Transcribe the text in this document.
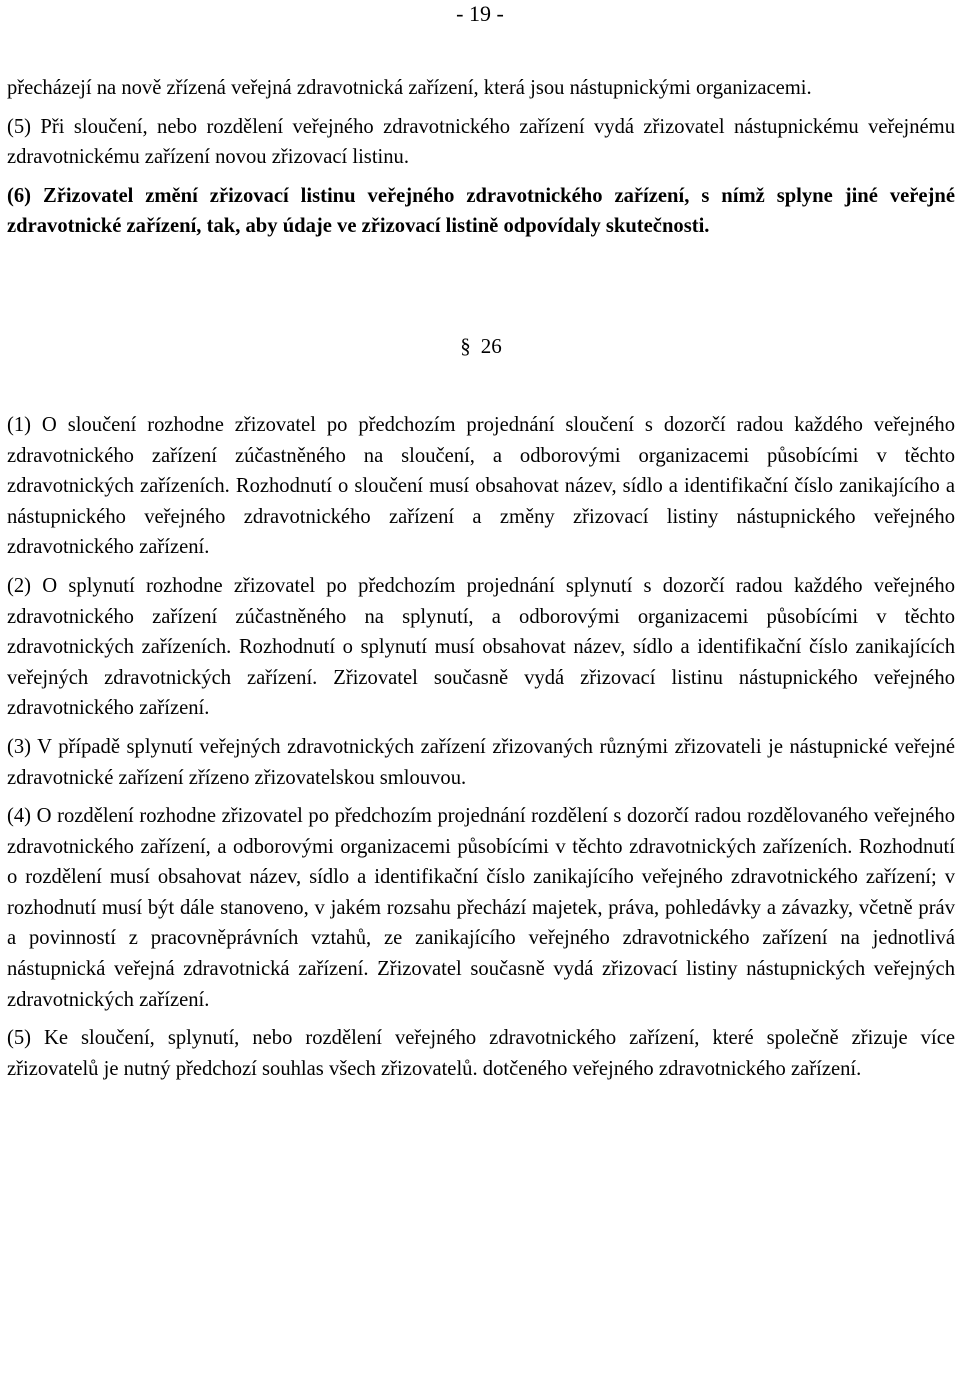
- 19 -

přecházejí na nově zřízená veřejná zdravotnická zařízení, která jsou nástupnickými organizacemi.

(5) Při sloučení, nebo rozdělení veřejného zdravotnického zařízení vydá zřizovatel nástupnickému veřejnému zdravotnickému zařízení novou zřizovací listinu.

(6) Zřizovatel změní zřizovací listinu veřejného zdravotnického zařízení, s nímž splyne jiné veřejné zdravotnické zařízení, tak, aby údaje ve zřizovací listině odpovídaly skutečnosti.

§ 26

(1) O sloučení rozhodne zřizovatel po předchozím projednání sloučení s dozorčí radou každého veřejného zdravotnického zařízení zúčastněného na sloučení, a odborovými organizacemi působícími v těchto zdravotnických zařízeních. Rozhodnutí o sloučení musí obsahovat název, sídlo a identifikační číslo zanikajícího a nástupnického veřejného zdravotnického zařízení a změny zřizovací listiny nástupnického veřejného zdravotnického zařízení.

(2) O splynutí rozhodne zřizovatel po předchozím projednání splynutí s dozorčí radou každého veřejného zdravotnického zařízení zúčastněného na splynutí, a odborovými organizacemi působícími v těchto zdravotnických zařízeních. Rozhodnutí o splynutí musí obsahovat název, sídlo a identifikační číslo zanikajících veřejných zdravotnických zařízení. Zřizovatel současně vydá zřizovací listinu nástupnického veřejného zdravotnického zařízení.

(3) V případě splynutí veřejných zdravotnických zařízení zřizovaných různými zřizovateli je nástupnické veřejné zdravotnické zařízení zřízeno zřizovatelskou smlouvou.

(4) O rozdělení rozhodne zřizovatel po předchozím projednání rozdělení s dozorčí radou rozdělovaného veřejného zdravotnického zařízení, a odborovými organizacemi působícími v těchto zdravotnických zařízeních. Rozhodnutí o rozdělení musí obsahovat název, sídlo a identifikační číslo zanikajícího veřejného zdravotnického zařízení; v rozhodnutí musí být dále stanoveno, v jakém rozsahu přechází majetek, práva, pohledávky a závazky, včetně práv a povinností z pracovněprávních vztahů, ze zanikajícího veřejného zdravotnického zařízení na jednotlivá nástupnická veřejná zdravotnická zařízení. Zřizovatel současně vydá zřizovací listiny nástupnických veřejných zdravotnických zařízení.

(5) Ke sloučení, splynutí, nebo rozdělení veřejného zdravotnického zařízení, které společně zřizuje více zřizovatelů je nutný předchozí souhlas všech zřizovatelů. dotčeného veřejného zdravotnického zařízení.
